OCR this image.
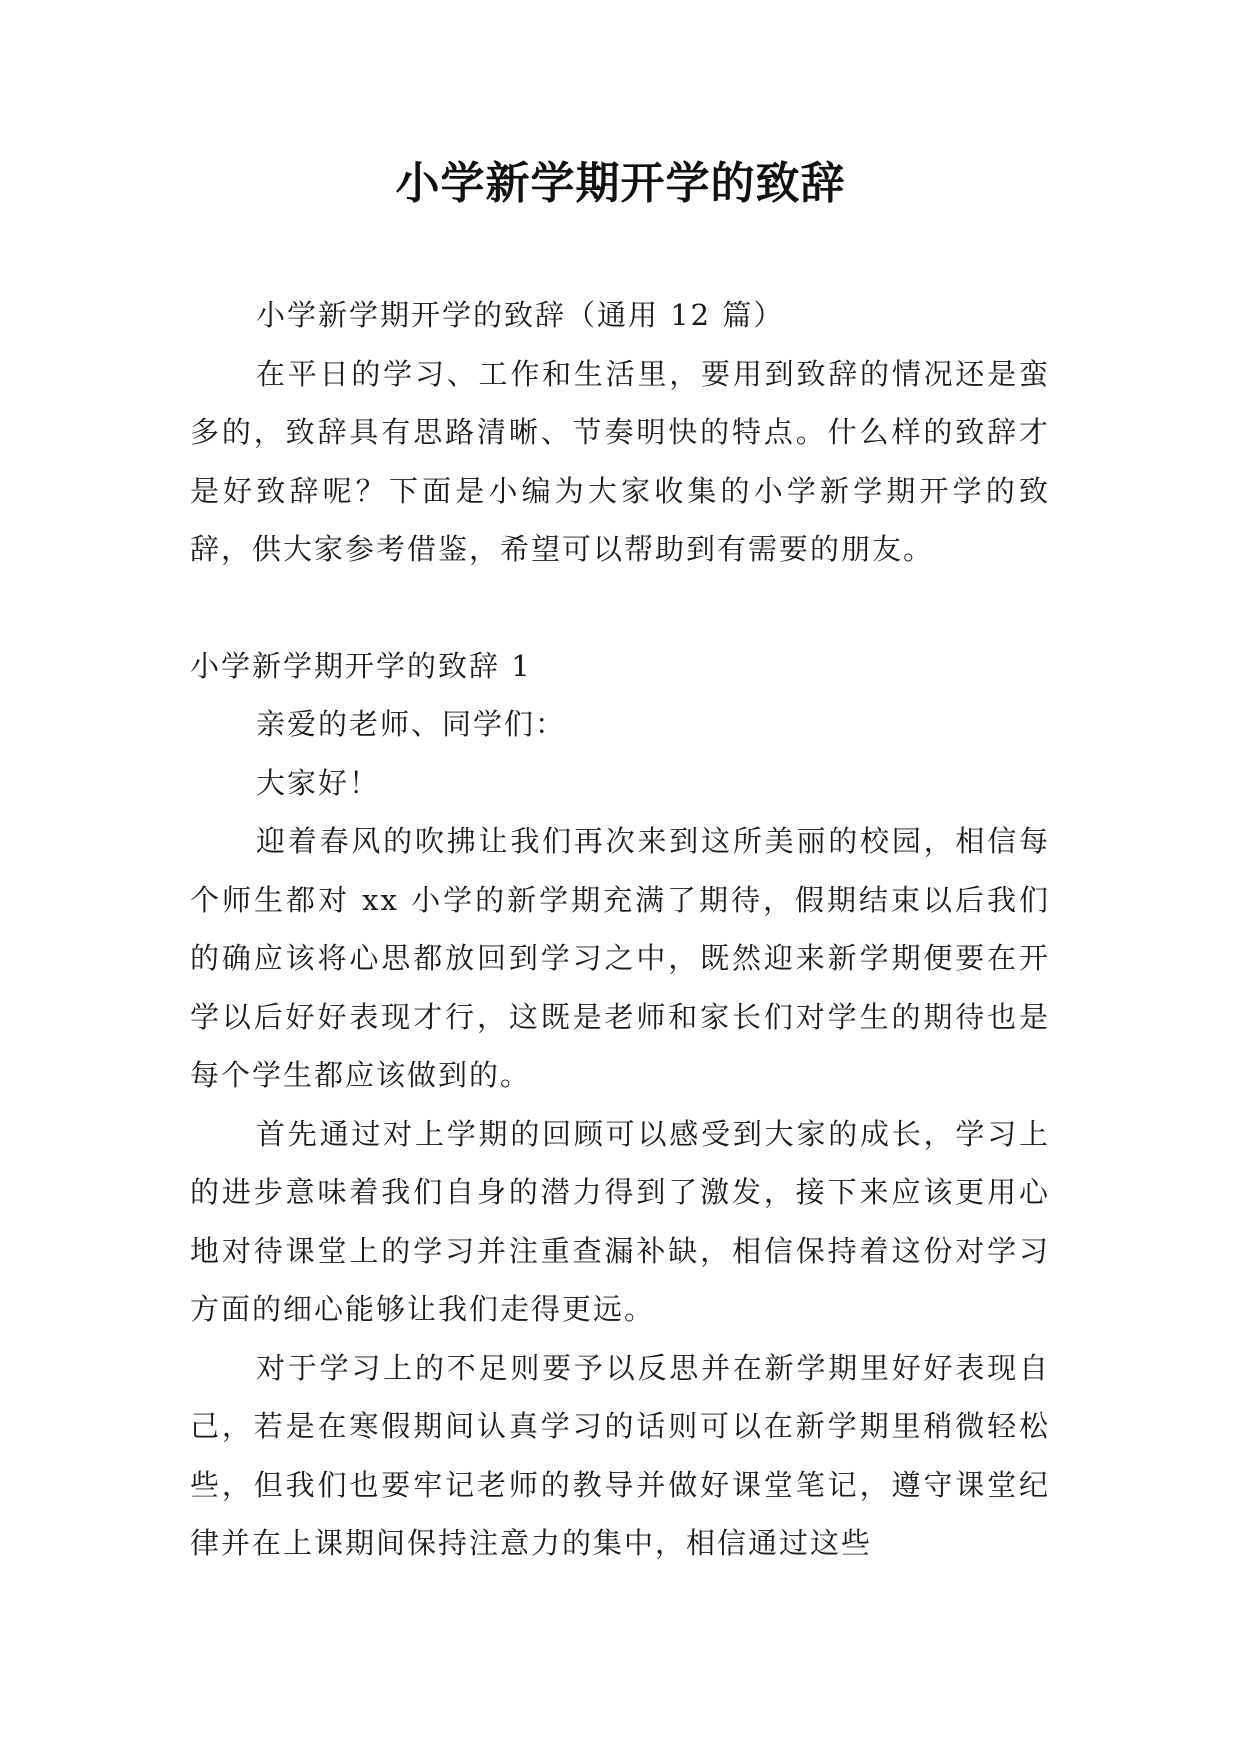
小学新学期开学的致辞

小学新学期开学的致辞（通用 12 篇）

在平日的学习、工作和生活里，要用到致辞的情况还是蛮多的，致辞具有思路清晰、节奏明快的特点。什么样的致辞才是好致辞呢？下面是小编为大家收集的小学新学期开学的致辞，供大家参考借鉴，希望可以帮助到有需要的朋友。

小学新学期开学的致辞 1

亲爱的老师、同学们：

大家好！

迎着春风的吹拂让我们再次来到这所美丽的校园，相信每个师生都对 xx 小学的新学期充满了期待，假期结束以后我们的确应该将心思都放回到学习之中，既然迎来新学期便要在开学以后好好表现才行，这既是老师和家长们对学生的期待也是每个学生都应该做到的。

首先通过对上学期的回顾可以感受到大家的成长，学习上的进步意味着我们自身的潜力得到了激发，接下来应该更用心地对待课堂上的学习并注重查漏补缺，相信保持着这份对学习方面的细心能够让我们走得更远。

对于学习上的不足则要予以反思并在新学期里好好表现自己，若是在寒假期间认真学习的话则可以在新学期里稍微轻松些，但我们也要牢记老师的教导并做好课堂笔记，遵守课堂纪律并在上课期间保持注意力的集中，相信通过这些
